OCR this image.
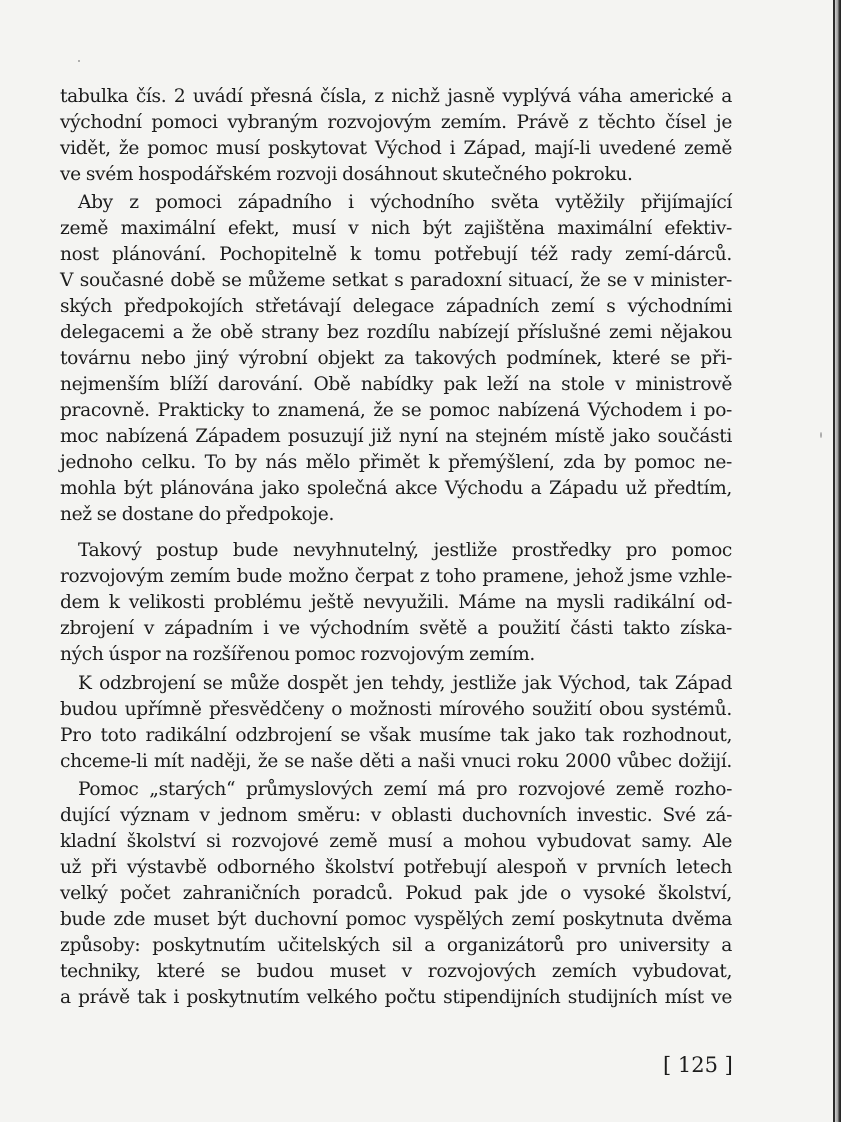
tabulka čís. 2 uvádí přesná čísla, z nichž jasně vyplývá váha americké a
východní pomoci vybraným rozvojovým zemím. Právě z těchto čísel je
vidět, že pomoc musí poskytovat Východ i Západ, mají-li uvedené země
ve svém hospodářském rozvoji dosáhnout skutečného pokroku.
Aby z pomoci západního i východního světa vytěžily přijímající
země maximální efekt, musí v nich být zajištěna maximální efektiv-
nost plánování. Pochopitelně k tomu potřebují též rady zemí-dárců.
V současné době se můžeme setkat s paradoxní situací, že se v minister-
ských předpokojích střetávají delegace západních zemí s východními
delegacemi a že obě strany bez rozdílu nabízejí příslušné zemi nějakou
továrnu nebo jiný výrobní objekt za takových podmínek, které se při-
nejmenším blíží darování. Obě nabídky pak leží na stole v ministrově
pracovně. Prakticky to znamená, že se pomoc nabízená Východem i po-
moc nabízená Západem posuzují již nyní na stejném místě jako součásti
jednoho celku. To by nás mělo přimět k přemýšlení, zda by pomoc ne-
mohla být plánována jako společná akce Východu a Západu už předtím,
než se dostane do předpokoje.
Takový postup bude nevyhnutelný, jestliže prostředky pro pomoc
rozvojovým zemím bude možno čerpat z toho pramene, jehož jsme vzhle-
dem k velikosti problému ještě nevyužili. Máme na mysli radikální od-
zbrojení v západním i ve východním světě a použití části takto získa-
ných úspor na rozšířenou pomoc rozvojovým zemím.
K odzbrojení se může dospět jen tehdy, jestliže jak Východ, tak Západ
budou upřímně přesvědčeny o možnosti mírového soužití obou systémů.
Pro toto radikální odzbrojení se však musíme tak jako tak rozhodnout,
chceme-li mít naději, že se naše děti a naši vnuci roku 2000 vůbec dožijí.
Pomoc „starých“ průmyslových zemí má pro rozvojové země rozho-
dující význam v jednom směru: v oblasti duchovních investic. Své zá-
kladní školství si rozvojové země musí a mohou vybudovat samy. Ale
už při výstavbě odborného školství potřebují alespoň v prvních letech
velký počet zahraničních poradců. Pokud pak jde o vysoké školství,
bude zde muset být duchovní pomoc vyspělých zemí poskytnuta dvěma
způsoby: poskytnutím učitelských sil a organizátorů pro university a
techniky, které se budou muset v rozvojových zemích vybudovat,
a právě tak i poskytnutím velkého počtu stipendijních studijních míst ve
[ 125 ]
